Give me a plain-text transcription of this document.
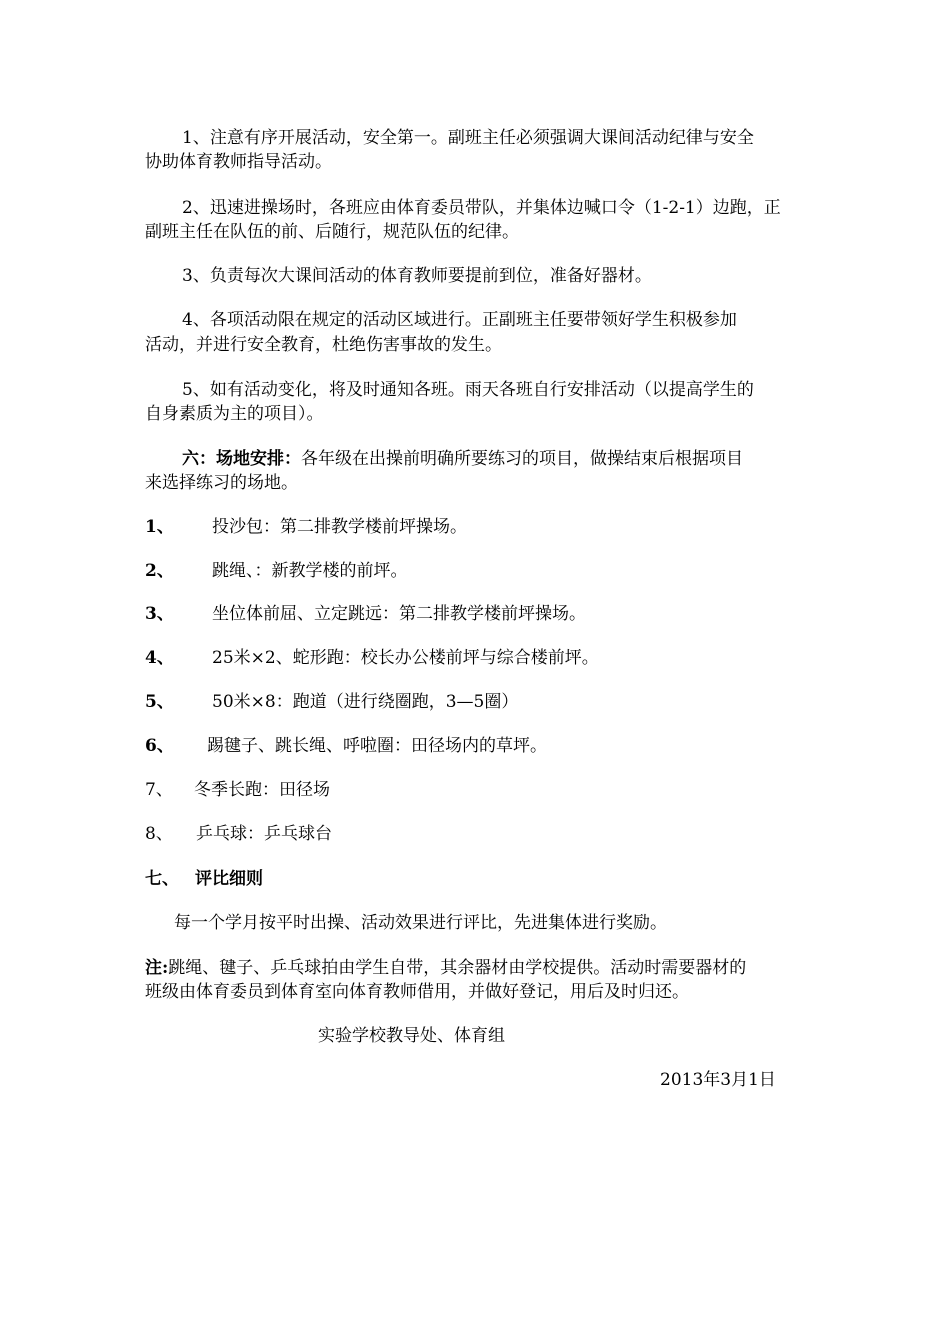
1、注意有序开展活动，安全第一。副班主任必须强调大课间活动纪律与安全

协助体育教师指导活动。

2、迅速进操场时，各班应由体育委员带队，并集体边喊口令（1-2-1）边跑，正

副班主任在队伍的前、后随行，规范队伍的纪律。

3、负责每次大课间活动的体育教师要提前到位，准备好器材。

4、各项活动限在规定的活动区域进行。正副班主任要带领好学生积极参加

活动，并进行安全教育，杜绝伤害事故的发生。

5、如有活动变化，将及时通知各班。雨天各班自行安排活动（以提高学生的

自身素质为主的项目）。

六：场地安排：各年级在出操前明确所要练习的项目，做操结束后根据项目

来选择练习的场地。

1、 投沙包：第二排教学楼前坪操场。
2、 跳绳、：新教学楼的前坪。
3、 坐位体前屈、立定跳远：第二排教学楼前坪操场。
4、 25米×2、蛇形跑：校长办公楼前坪与综合楼前坪。
5、 50米×8：跑道（进行绕圈跑，3—5圈）
6、 踢毽子、跳长绳、呼啦圈：田径场内的草坪。
7、 冬季长跑：田径场
8、 乒乓球：乒乓球台
七、 评比细则

每一个学月按平时出操、活动效果进行评比，先进集体进行奖励。

注:跳绳、毽子、乒乓球拍由学生自带，其余器材由学校提供。活动时需要器材的

班级由体育委员到体育室向体育教师借用，并做好登记，用后及时归还。

实验学校教导处、体育组

2013年3月1日
